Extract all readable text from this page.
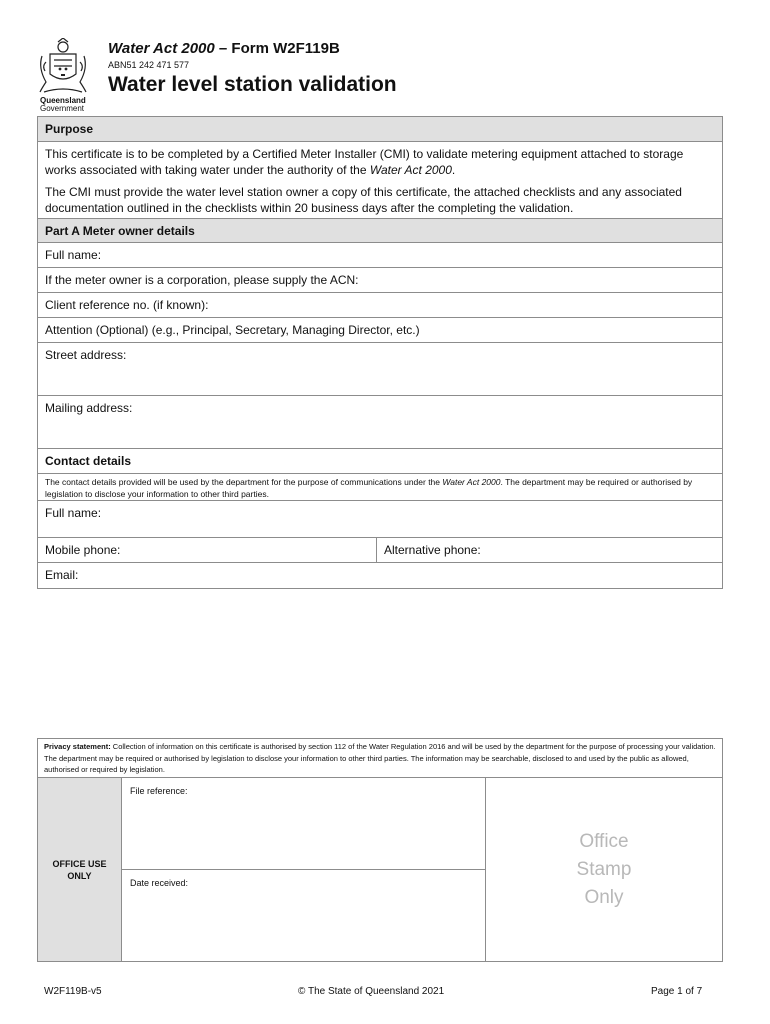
Queensland
Government
Water Act 2000 – Form W2F119B
ABN51 242 471 577
Water level station validation
Purpose
This certificate is to be completed by a Certified Meter Installer (CMI) to validate metering equipment attached to storage works associated with taking water under the authority of the Water Act 2000.
The CMI must provide the water level station owner a copy of this certificate, the attached checklists and any associated documentation outlined in the checklists within 20 business days after the completing the validation.
Part A Meter owner details
Full name:
If the meter owner is a corporation, please supply the ACN:
Client reference no. (if known):
Attention (Optional) (e.g., Principal, Secretary, Managing Director, etc.)
Street address:
Mailing address:
Contact details
The contact details provided will be used by the department for the purpose of communications under the Water Act 2000. The department may be required or authorised by legislation to disclose your information to other third parties.
Full name:
Mobile phone:	Alternative phone:
Email:
Privacy statement: Collection of information on this certificate is authorised by section 112 of the Water Regulation 2016 and will be used by the department for the purpose of processing your validation. The department may be required or authorised by legislation to disclose your information to other third parties. The information may be searchable, disclosed to and used by the public as allowed, authorised or required by legislation.
OFFICE USE
ONLY
File reference:
Date received:
Office
Stamp
Only
W2F119B-v5	© The State of Queensland 2021	Page 1 of 7
